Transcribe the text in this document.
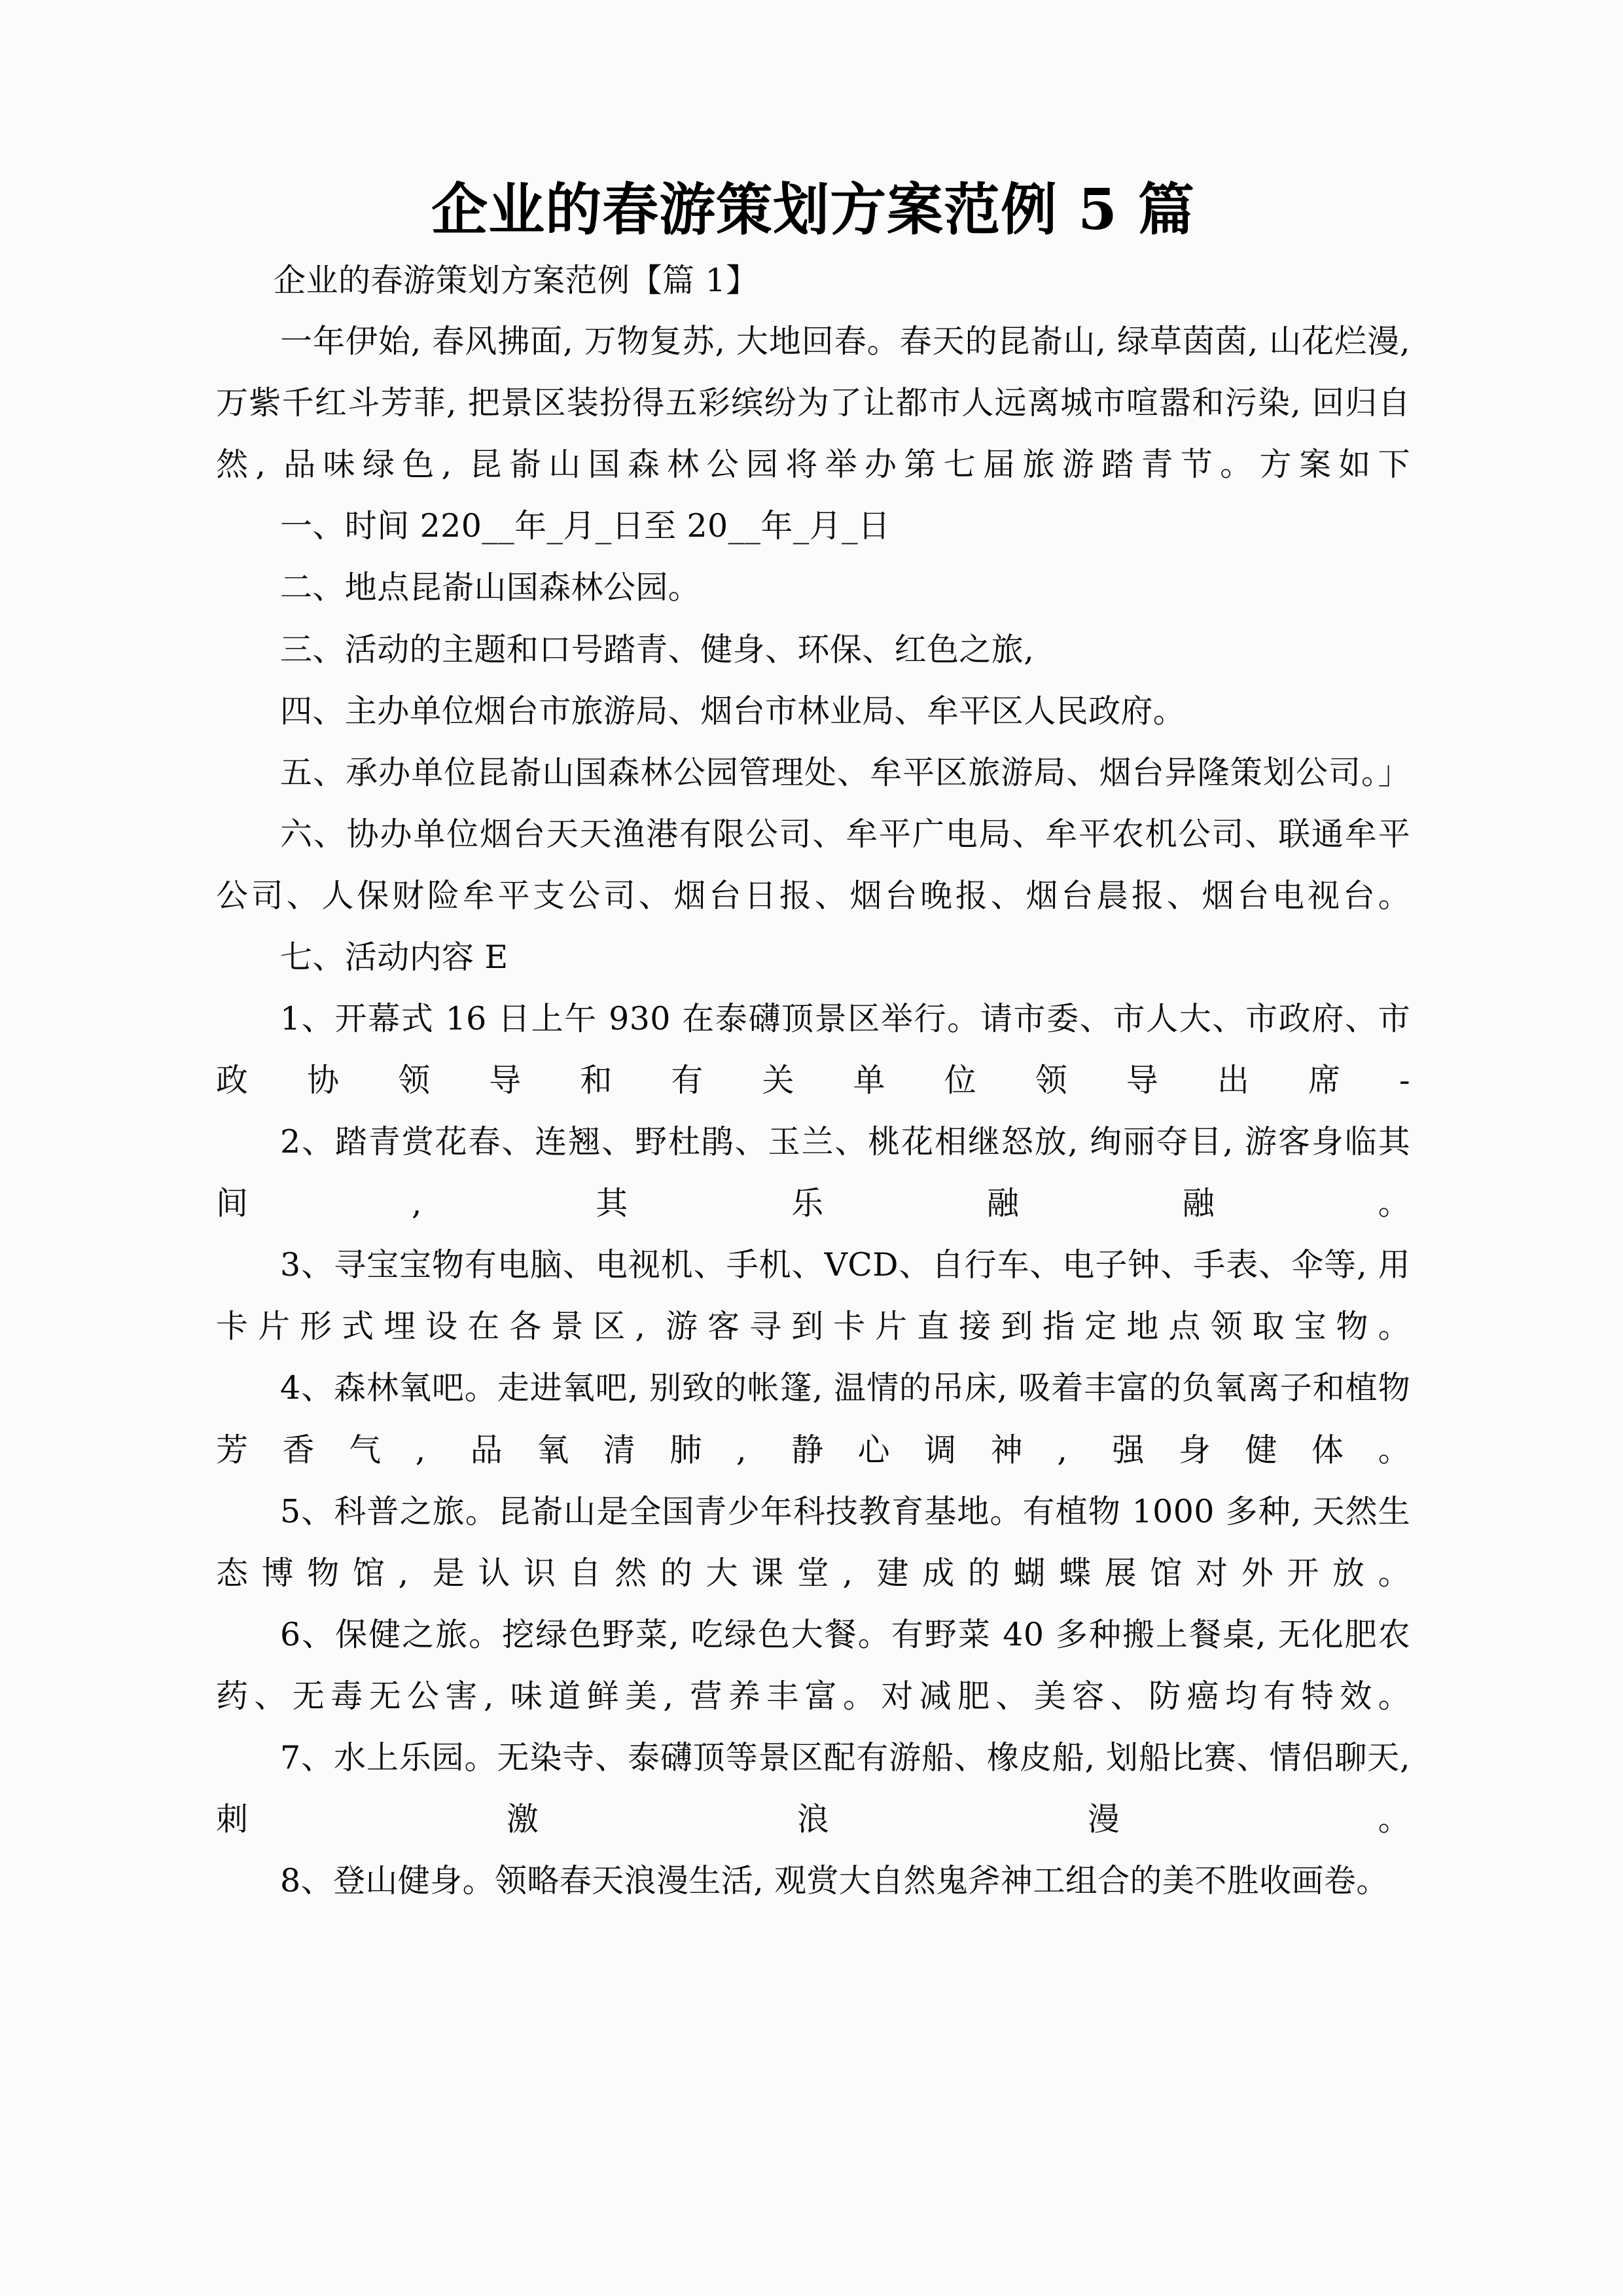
企业的春游策划方案范例 5 篇

企业的春游策划方案范例【篇 1】

一年伊始, 春风拂面, 万物复苏, 大地回春。春天的昆嵛山, 绿草茵茵, 山花烂漫, 万紫千红斗芳菲, 把景区装扮得五彩缤纷为了让都市人远离城市喧嚣和污染, 回归自然, 品味绿色, 昆嵛山国森林公园将举办第七届旅游踏青节。方案如下

一、时间 220__年_月_日至 20__年_月_日

二、地点昆嵛山国森林公园。

三、活动的主题和口号踏青、健身、环保、红色之旅,

四、主办单位烟台市旅游局、烟台市林业局、牟平区人民政府。

五、承办单位昆嵛山国森林公园管理处、牟平区旅游局、烟台异隆策划公司。」

六、协办单位烟台天天渔港有限公司、牟平广电局、牟平农机公司、联通牟平公司、人保财险牟平支公司、烟台日报、烟台晚报、烟台晨报、烟台电视台。

七、活动内容 E

1、开幕式 16 日上午 930 在泰礴顶景区举行。请市委、市人大、市政府、市政协领导和有关单位领导出席-

2、踏青赏花春、连翘、野杜鹃、玉兰、桃花相继怒放, 绚丽夺目, 游客身临其间, 其乐融融。

3、寻宝宝物有电脑、电视机、手机、VCD、自行车、电子钟、手表、伞等, 用卡片形式埋设在各景区, 游客寻到卡片直接到指定地点领取宝物。

4、森林氧吧。走进氧吧, 别致的帐篷, 温情的吊床, 吸着丰富的负氧离子和植物芳香气, 品氧清肺, 静心调神, 强身健体。

5、科普之旅。昆嵛山是全国青少年科技教育基地。有植物 1000 多种, 天然生态博物馆, 是认识自然的大课堂, 建成的蝴蝶展馆对外开放。

6、保健之旅。挖绿色野菜, 吃绿色大餐。有野菜 40 多种搬上餐桌, 无化肥农药、无毒无公害, 味道鲜美, 营养丰富。对减肥、美容、防癌均有特效。

7、水上乐园。无染寺、泰礴顶等景区配有游船、橡皮船, 划船比赛、情侣聊天, 刺激浪漫。

8、登山健身。领略春天浪漫生活, 观赏大自然鬼斧神工组合的美不胜收画卷。
